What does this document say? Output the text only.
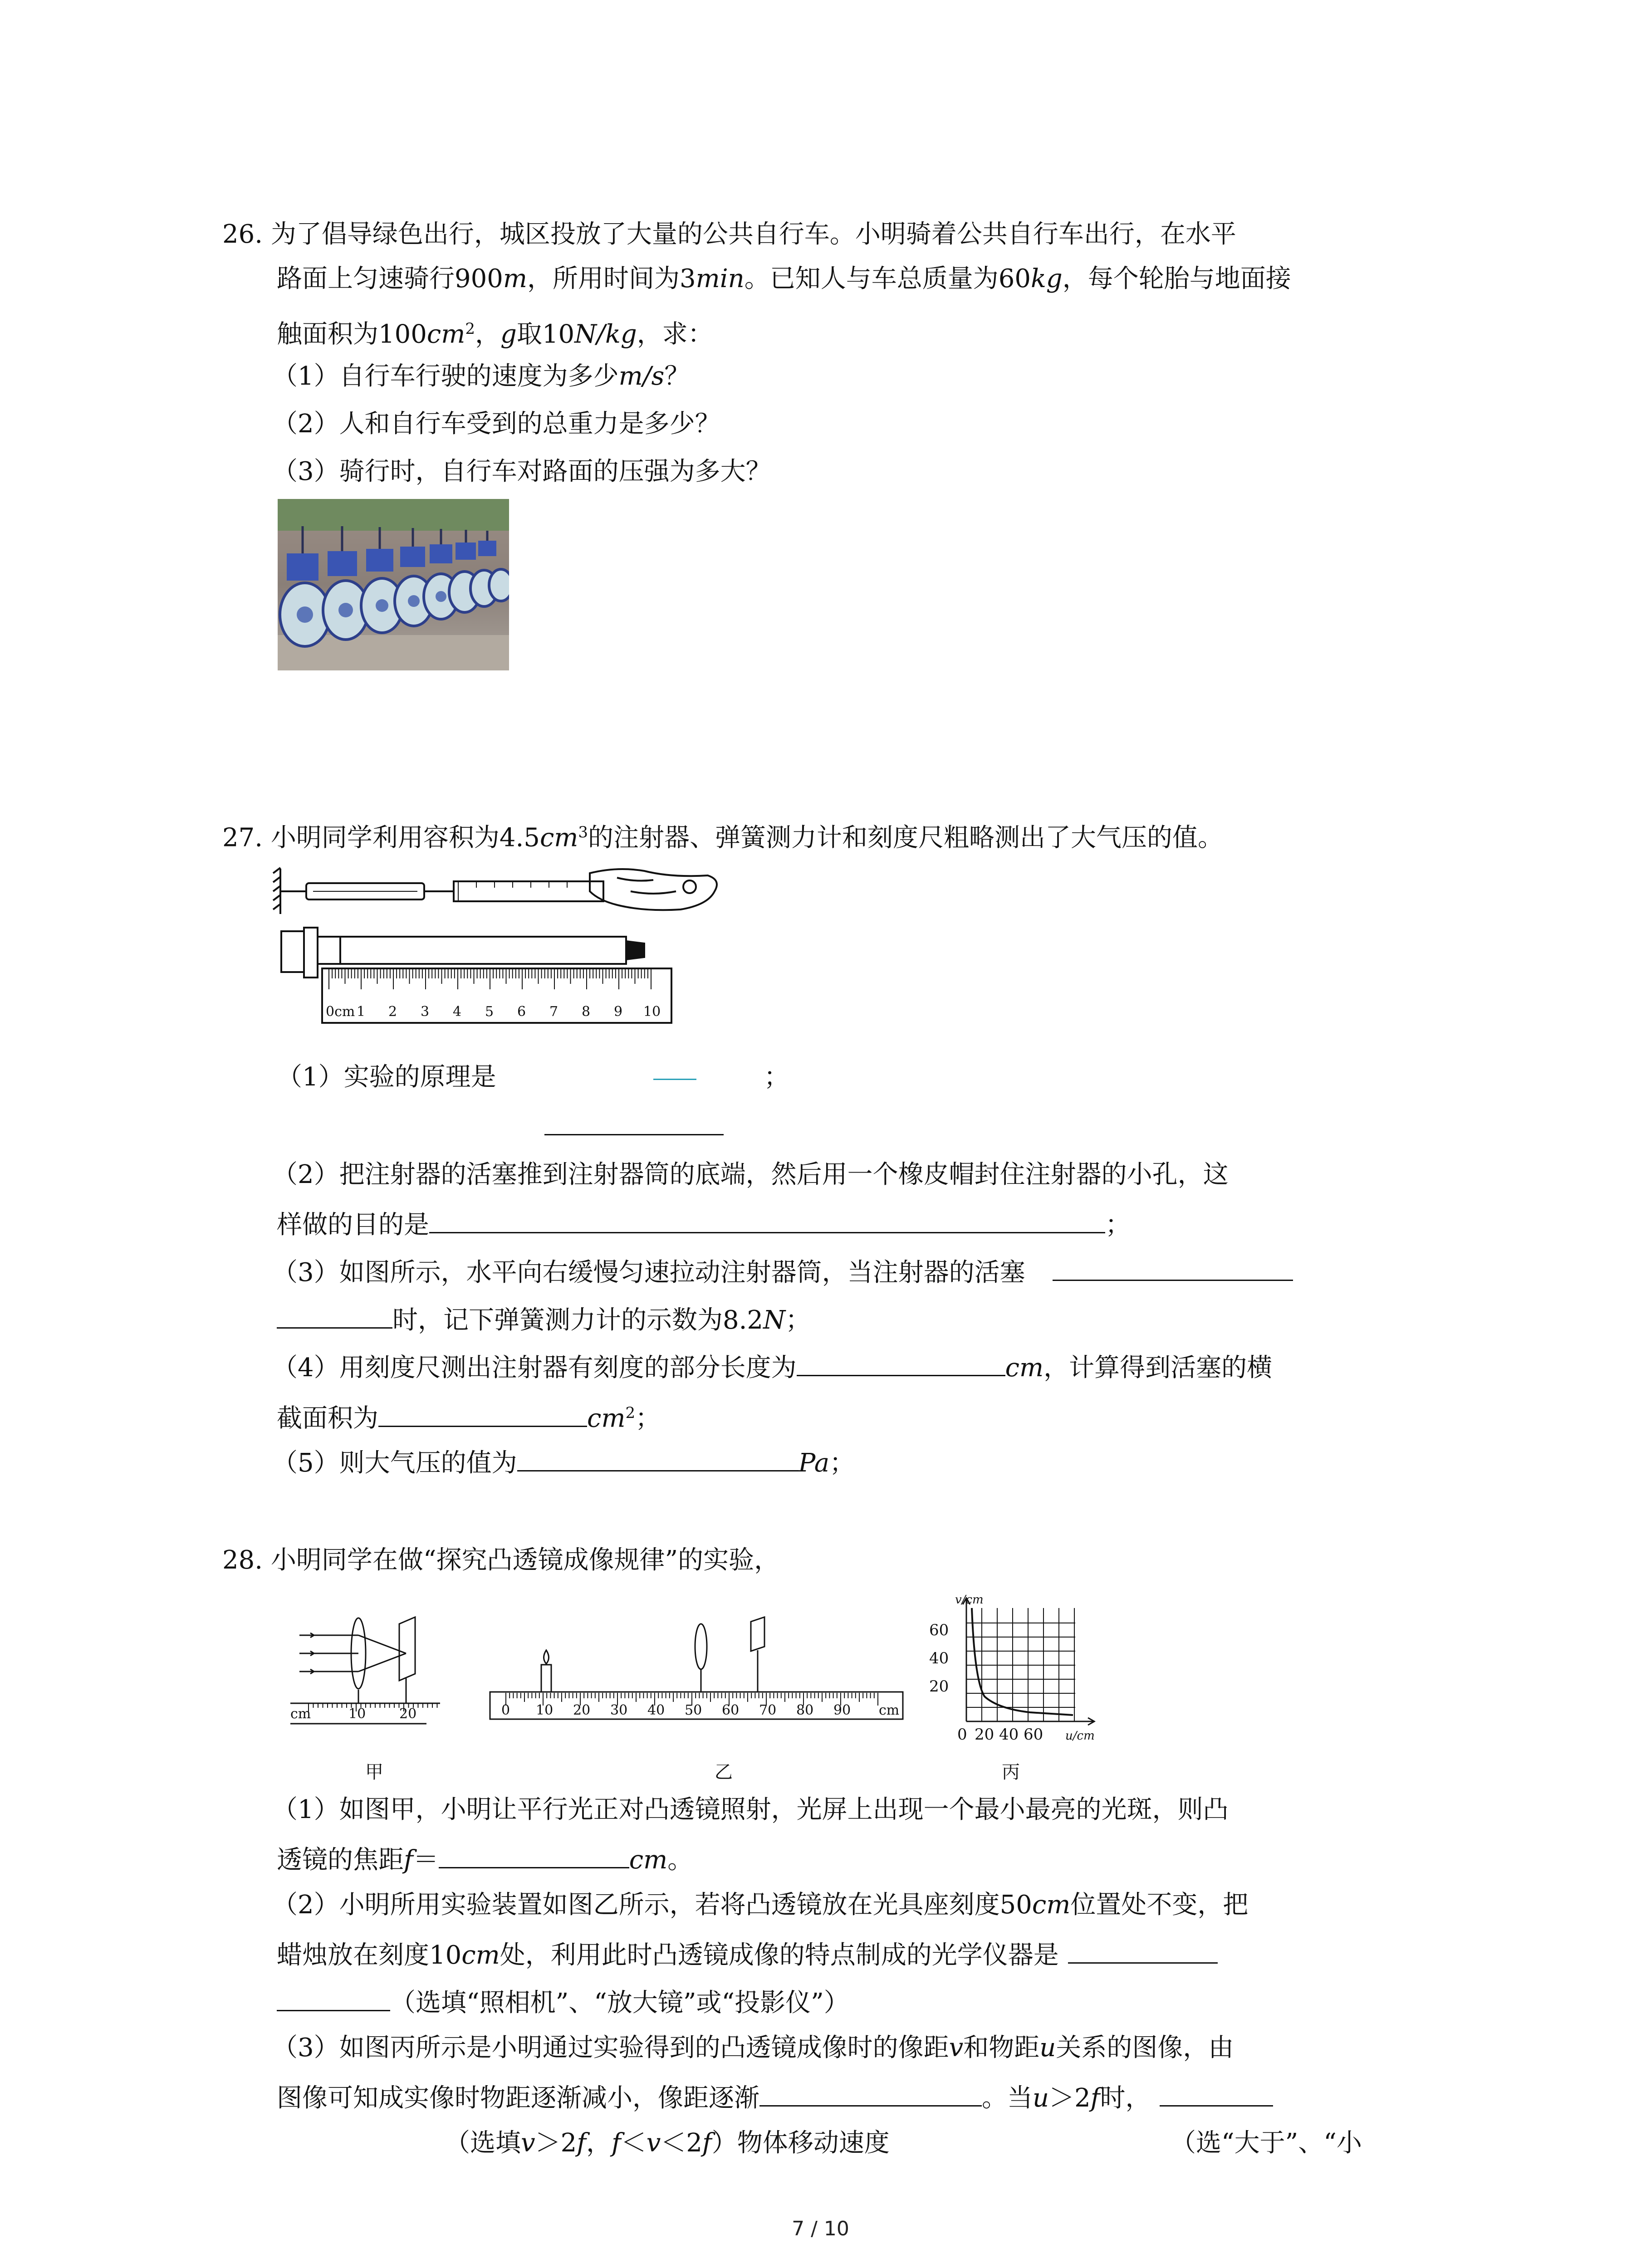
26. 为了倡导绿色出行，城区投放了大量的公共自行车。小明骑着公共自行车出行，在水平
路面上匀速骑行900m，所用时间为3min。已知人与车总质量为60kg，每个轮胎与地面接
触面积为$100cm^2$，g取10N/kg，求：
（1）自行车行驶的速度为多少m/s？
（2）人和自行车受到的总重力是多少？
（3）骑行时，自行车对路面的压强为多大？
27. 小明同学利用容积为$4.5cm^3$的注射器、弹簧测力计和刻度尺粗略测出了大气压的值。
0cm 1 2 3 4 5 6 7 8 9 10
（1）实验的原理是	；
（2）把注射器的活塞推到注射器筒的底端，然后用一个橡皮帽封住注射器的小孔，这
样做的目的是	；
（3）如图所示，水平向右缓慢匀速拉动注射器筒，当注射器的活塞
时，记下弹簧测力计的示数为8.2N；
（4）用刻度尺测出注射器有刻度的部分长度为	cm，计算得到活塞的横
截面积为	$cm^2$；
（5）则大气压的值为	Pa；
28. 小明同学在做“探究凸透镜成像规律”的实验，
cm	10 20	0 10 20 30 40 50 60 70 80 90 cm
v/cm
60
40
20
0 20 40 60 u/cm
甲	乙	丙
（1）如图甲，小明让平行光正对凸透镜照射，光屏上出现一个最小最亮的光斑，则凸
透镜的焦距f＝	cm。
（2）小明所用实验装置如图乙所示，若将凸透镜放在光具座刻度50cm位置处不变，把
蜡烛放在刻度10cm处，利用此时凸透镜成像的特点制成的光学仪器是
（选填“照相机”、“放大镜”或“投影仪”）
（3）如图丙所示是小明通过实验得到的凸透镜成像时的像距v和物距u关系的图像，由
图像可知成实像时物距逐渐减小，像距逐渐	。当u＞2f时，
（选填v＞2f，f＜v＜2f）物体移动速度	（选“大于”、“小
7 / 10
